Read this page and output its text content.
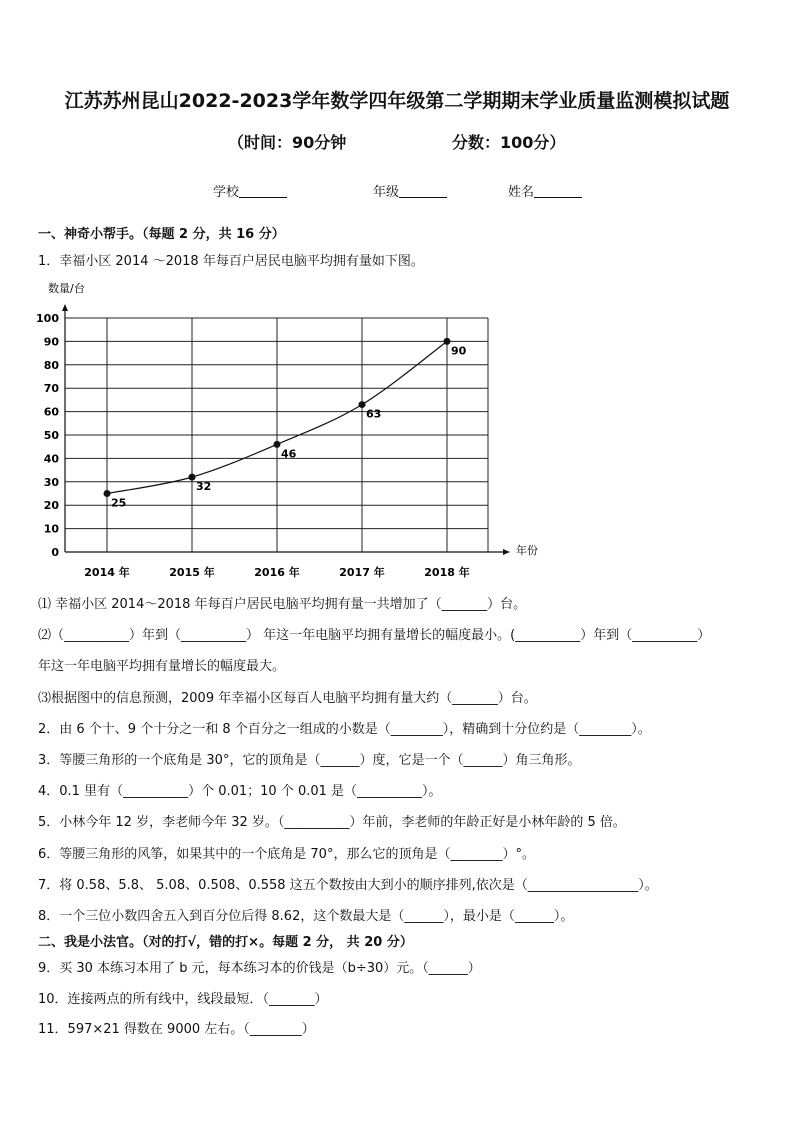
江苏苏州昆山2022-2023学年数学四年级第二学期期末学业质量监测模拟试题
（时间：90分钟	分数：100分）
学校	年级	姓名
一、神奇小帮手。（每题 2 分，共 16 分）
1．幸福小区 2014 ～2018 年每百户居民电脑平均拥有量如下图。
0
10
20
30
40
50
60
70
80
90
100
2014 年	2015 年	2016 年	2017 年	2018 年
25
32
46
63
90
数量/台
年份
⑴ 幸福小区 2014～2018 年每百户居民电脑平均拥有量一共增加了（_______）台。
⑵（__________）年到（__________） 年这一年电脑平均拥有量增长的幅度最小。(__________）年到（__________）
年这一年电脑平均拥有量增长的幅度最大。
⑶根据图中的信息预测，2009 年幸福小区每百人电脑平均拥有量大约（_______）台。
2．由 6 个十、9 个十分之一和 8 个百分之一组成的小数是（________），精确到十分位约是（________）。
3．等腰三角形的一个底角是 30°，它的顶角是（______）度，它是一个（______）角三角形。
4．0.1 里有（__________）个 0.01；10 个 0.01 是（__________）。
5．小林今年 12 岁，李老师今年 32 岁。（__________）年前，李老师的年龄正好是小林年龄的 5 倍。
6．等腰三角形的风筝，如果其中的一个底角是 70°，那么它的顶角是（________）°。
7．将 0.58、5.8、 5.08、0.508、0.558 这五个数按由大到小的顺序排列,依次是（_________________）。
8．一个三位小数四舍五入到百分位后得 8.62，这个数最大是（______），最小是（______）。
二、我是小法官。（对的打√，错的打×。每题 2 分， 共 20 分）
9．买 30 本练习本用了 b 元，每本练习本的价钱是（b÷30）元。（______）
10．连接两点的所有线中，线段最短．（_______）
11．597×21 得数在 9000 左右。（________）
